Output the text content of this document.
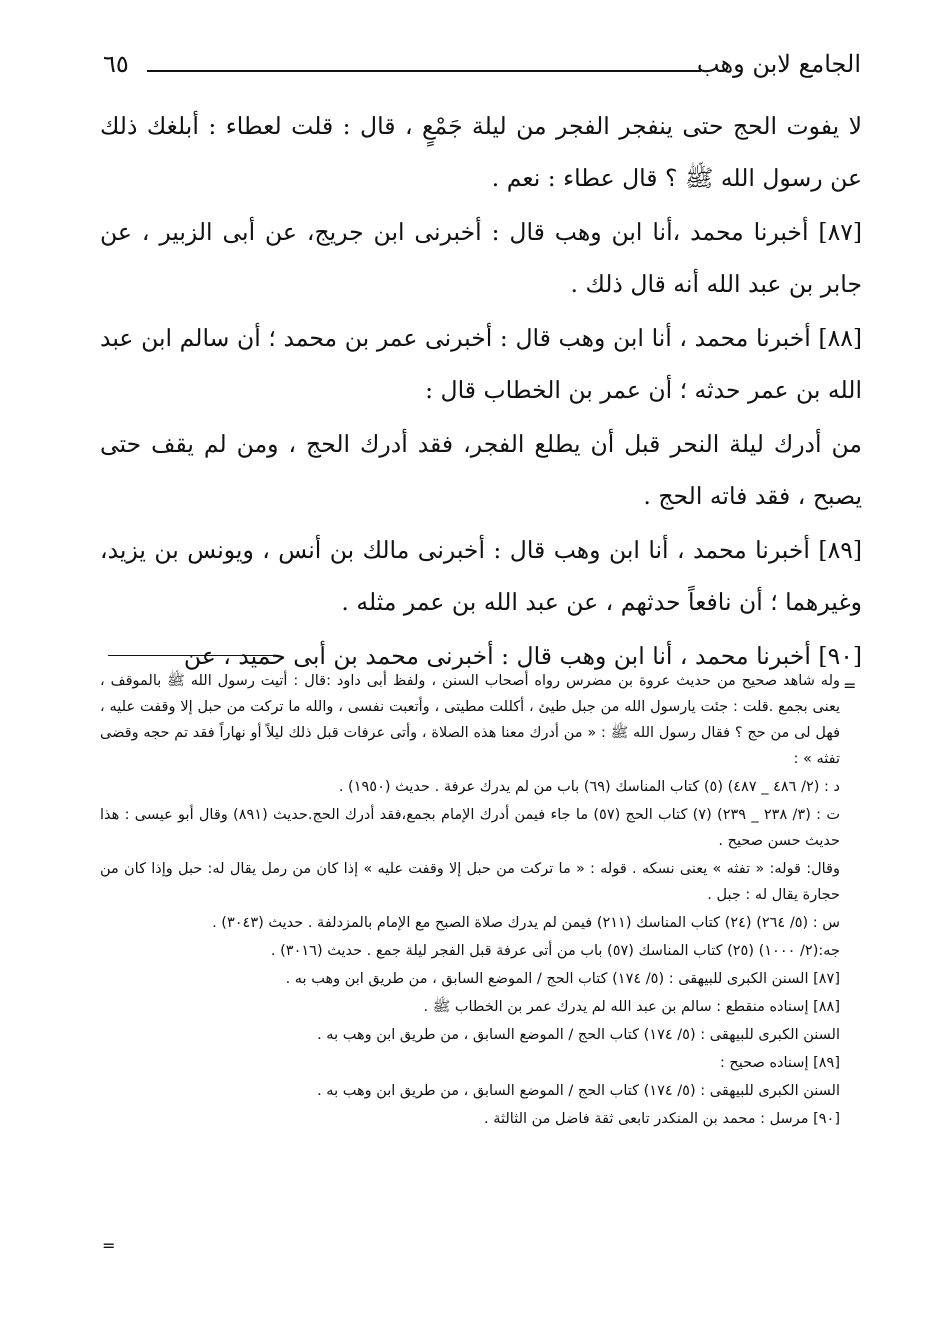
الجامع لابن وهب
٦٥

لا يفوت الحج حتى ينفجر الفجر من ليلة جَمْعٍ ، قال : قلت لعطاء : أبلغك ذلك عن رسول الله ﷺ ؟ قال عطاء : نعم .

[٨٧] أخبرنا محمد ،أنا ابن وهب قال : أخبرنى ابن جريج، عن أبى الزبير ، عن جابر بن عبد الله أنه قال ذلك .

[٨٨] أخبرنا محمد ، أنا ابن وهب قال : أخبرنى عمر بن محمد ؛ أن سالم ابن عبد الله بن عمر حدثه ؛ أن عمر بن الخطاب قال :

من أدرك ليلة النحر قبل أن يطلع الفجر، فقد أدرك الحج ، ومن لم يقف حتى يصبح ، فقد فاته الحج .

[٨٩] أخبرنا محمد ، أنا ابن وهب قال : أخبرنى مالك بن أنس ، ويونس بن يزيد، وغيرهما ؛ أن نافعاً حدثهم ، عن عبد الله بن عمر مثله .

[٩٠] أخبرنا محمد ، أنا ابن وهب قال : أخبرنى محمد بن أبى حميد ، عن

=

وله شاهد صحيح من حديث عروة بن مضرس رواه أصحاب السنن ، ولفظ أبى داود :قال : أتيت رسول الله ﷺ بالموقف ، يعنى بجمع .قلت : جئت يارسول الله من جبل طيئ ، أكللت مطيتى ، وأتعبت نفسى ، والله ما تركت من حبل إلا وقفت عليه ، فهل لى من حج ؟ فقال رسول الله ﷺ : « من أدرك معنا هذه الصلاة ، وأتى عرفات قبل ذلك ليلاً أو نهاراً فقد تم حجه وقضى تفثه » :

د : (٢/ ٤٨٦ _ ٤٨٧) (٥) كتاب المناسك (٦٩) باب من لم يدرك عرفة . حديث (١٩٥٠) .

ت : (٣/ ٢٣٨ _ ٢٣٩) (٧) كتاب الحج (٥٧) ما جاء فيمن أدرك الإمام بجمع،فقد أدرك الحج.حديث (٨٩١) وقال أبو عيسى : هذا حديث حسن صحيح .

وقال: قوله: « تفثه » يعنى نسكه . قوله : « ما تركت من حبل إلا وقفت عليه » إذا كان من رمل يقال له: حبل وإذا كان من حجارة يقال له : جبل .

س : (٥/ ٢٦٤) (٢٤) كتاب المناسك (٢١١) فيمن لم يدرك صلاة الصبح مع الإمام بالمزدلفة . حديث (٣٠٤٣) .

جه:(٢/ ١٠٠٠) (٢٥) كتاب المناسك (٥٧) باب من أتى عرفة قبل الفجر ليلة جمع . حديث (٣٠١٦) .

[٨٧] السنن الكبرى للبيهقى : (٥/ ١٧٤) كتاب الحج / الموضع السابق ، من طريق ابن وهب به .

[٨٨] إسناده منقطع : سالم بن عبد الله لم يدرك عمر بن الخطاب ﷺ .

السنن الكبرى للبيهقى : (٥/ ١٧٤) كتاب الحج / الموضع السابق ، من طريق ابن وهب به .

[٨٩] إسناده صحيح :

السنن الكبرى للبيهقى : (٥/ ١٧٤) كتاب الحج / الموضع السابق ، من طريق ابن وهب به .

[٩٠] مرسل : محمد بن المنكدر تابعى ثقة فاضل من الثالثة .

=
